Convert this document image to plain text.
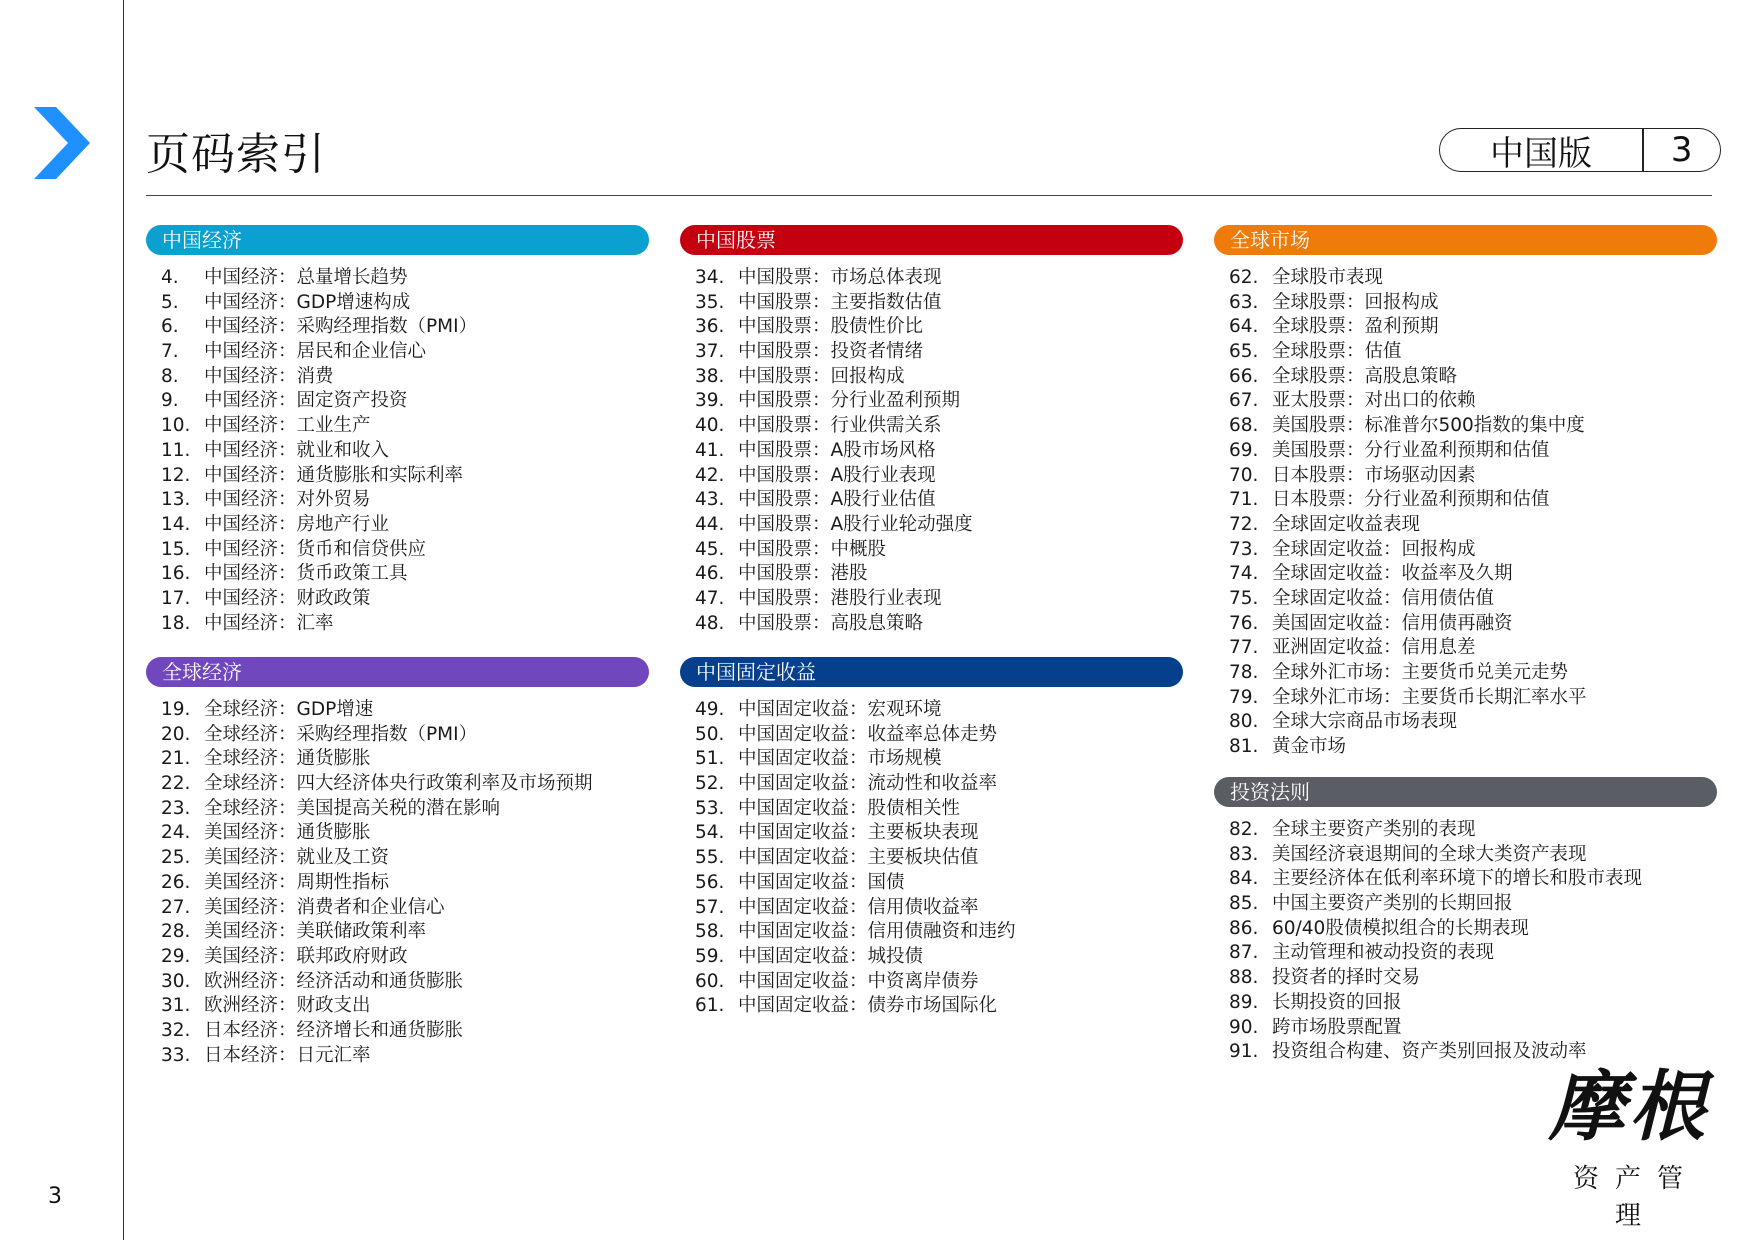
页码索引	中国版	3
中国经济
4.	中国经济：总量增长趋势
5.	中国经济：GDP增速构成
6.	中国经济：采购经理指数（PMI）
7.	中国经济：居民和企业信心
8.	中国经济：消费
9.	中国经济：固定资产投资
10. 中国经济：工业生产
11. 中国经济：就业和收入
12. 中国经济：通货膨胀和实际利率
13. 中国经济：对外贸易
14. 中国经济：房地产行业
15. 中国经济：货币和信贷供应
16. 中国经济：货币政策工具
17. 中国经济：财政政策
18. 中国经济：汇率
全球经济
19. 全球经济：GDP增速
20. 全球经济：采购经理指数（PMI）
21. 全球经济：通货膨胀
22. 全球经济：四大经济体央行政策利率及市场预期
23. 全球经济：美国提高关税的潜在影响
24. 美国经济：通货膨胀
25. 美国经济：就业及工资
26. 美国经济：周期性指标
27. 美国经济：消费者和企业信心
28. 美国经济：美联储政策利率
29. 美国经济：联邦政府财政
30. 欧洲经济：经济活动和通货膨胀
31. 欧洲经济：财政支出
32. 日本经济：经济增长和通货膨胀
33. 日本经济：日元汇率
中国股票
34. 中国股票：市场总体表现
35. 中国股票：主要指数估值
36. 中国股票：股债性价比
37. 中国股票：投资者情绪
38. 中国股票：回报构成
39. 中国股票：分行业盈利预期
40. 中国股票：行业供需关系
41. 中国股票：A股市场风格
42. 中国股票：A股行业表现
43. 中国股票：A股行业估值
44. 中国股票：A股行业轮动强度
45. 中国股票：中概股
46. 中国股票：港股
47. 中国股票：港股行业表现
48. 中国股票：高股息策略
中国固定收益
49. 中国固定收益：宏观环境
50. 中国固定收益：收益率总体走势
51. 中国固定收益：市场规模
52. 中国固定收益：流动性和收益率
53. 中国固定收益：股债相关性
54. 中国固定收益：主要板块表现
55. 中国固定收益：主要板块估值
56. 中国固定收益：国债
57. 中国固定收益：信用债收益率
58. 中国固定收益：信用债融资和违约
59. 中国固定收益：城投债
60. 中国固定收益：中资离岸债券
61. 中国固定收益：债券市场国际化
全球市场
62. 全球股市表现
63. 全球股票：回报构成
64. 全球股票：盈利预期
65. 全球股票：估值
66. 全球股票：高股息策略
67. 亚太股票：对出口的依赖
68. 美国股票：标准普尔500指数的集中度
69. 美国股票：分行业盈利预期和估值
70. 日本股票：市场驱动因素
71. 日本股票：分行业盈利预期和估值
72. 全球固定收益表现
73. 全球固定收益：回报构成
74. 全球固定收益：收益率及久期
75. 全球固定收益：信用债估值
76. 美国固定收益：信用债再融资
77. 亚洲固定收益：信用息差
78. 全球外汇市场：主要货币兑美元走势
79. 全球外汇市场：主要货币长期汇率水平
80. 全球大宗商品市场表现
81. 黄金市场
投资法则
82. 全球主要资产类别的表现
83. 美国经济衰退期间的全球大类资产表现
84. 主要经济体在低利率环境下的增长和股市表现
85. 中国主要资产类别的长期回报
86. 60/40股债模拟组合的长期表现
87. 主动管理和被动投资的表现
88. 投资者的择时交易
89. 长期投资的回报
90. 跨市场股票配置
91. 投资组合构建、资产类别回报及波动率
3
摩根
资产管理
